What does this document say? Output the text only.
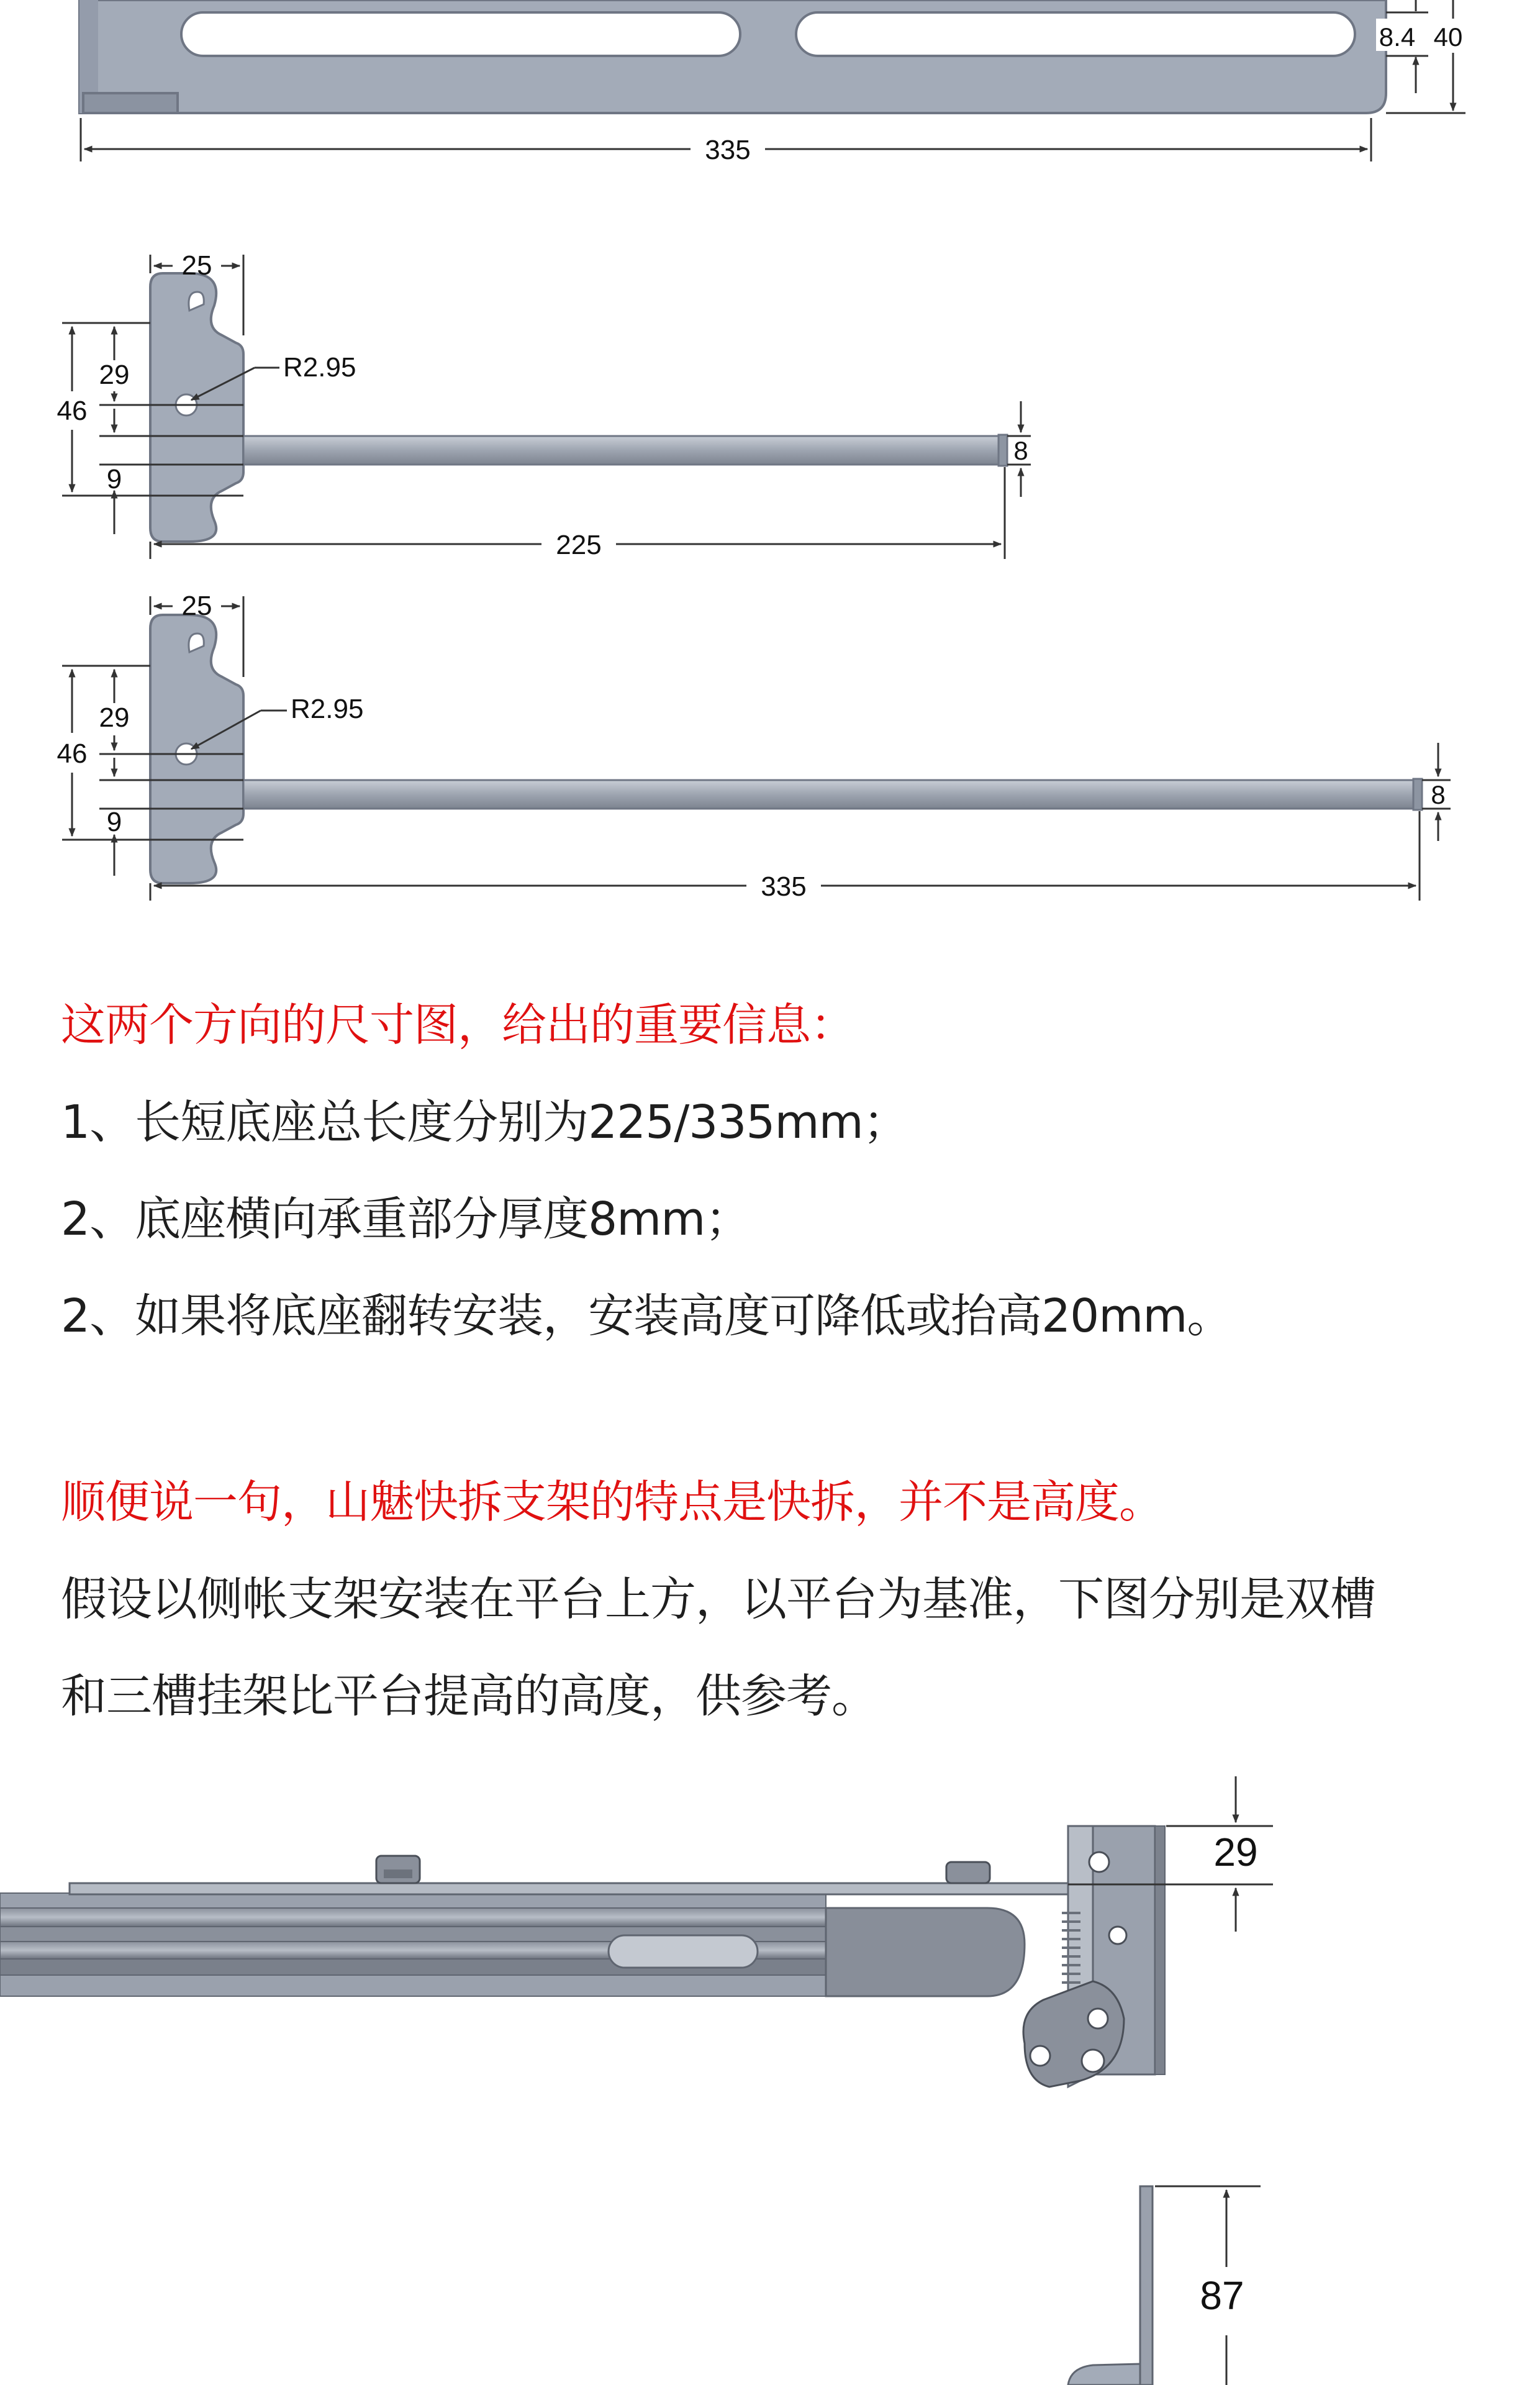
335
8.4 40
25
46
29
9
R2.95
8
225
25
46
29
9
R2.95
8
335
29
87
这两个方向的尺寸图，给出的重要信息：
1、长短底座总长度分别为225/335mm；
2、底座横向承重部分厚度8mm；
2、如果将底座翻转安装，安装高度可降低或抬高20mm。
顺便说一句，山魅快拆支架的特点是快拆，并不是高度。
假设以侧帐支架安装在平台上方，以平台为基准，下图分别是双槽
和三槽挂架比平台提高的高度，供参考。
